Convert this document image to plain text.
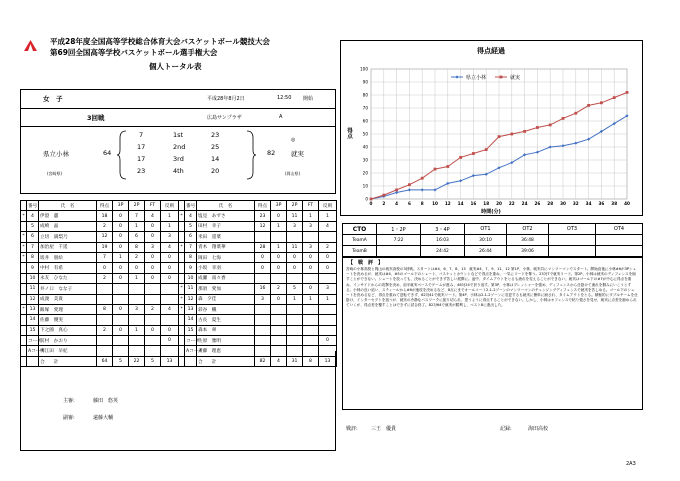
平成28年度全国高等学校総合体育大会バスケットボール競技大会
第69回全国高等学校バスケットボール選手権大会
個人トータル表
女　子	平成28年8月2日	12:50 開始
3回戦	広島サンプラザ	A
7	1st	23
17	2nd	25
17	3rd	14
23	4th	20
県立小林
(宮崎県)
64	82
◎
就実
(岡山県)
	番号	氏　名	得点	3P	2P	FT	反則
*	4	伊澄　蕙	18	0	7	4	1
	5	成崎　晶	2	0	1	0	1
*	6	立切　満梨乃	12	0	6	0	3
*	7	加治屋　千遥	19	0	8	3	4
*	8	坂井　朋絵	7	1	2	0	0
	9	中村　有希	0	0	0	0	0
	10	永友　ひなた	2	0	1	0	0
	11	井ノ口　なな子					
	12	成渡　美貴					
*	13	飯塚　愛理	8	0	3	2	4
	14	佐藤　優実					
	15	下之薗　真心	2	0	1	0	0
	コーチ	前村　かおり					0
	Aコーチ	梅江田　早紀					
		合　　計	64	5	22	5	13
	番号	氏　名	得点	3P	2P	FT	反則
*	4	塩見　あずさ	23	0	11	1	1
	5	田村　幸子	12	1	3	3	4
	6	米田　遥菜					
*	7	青木　翔菜華	28	1	11	3	2
	8	岡田　七海	0	0	0	0	0
	9	小坂　幸羽	0	0	0	0	0
	10	成瀬　南々香					
*	11	那須　愛加	16	2	5	0	3
*	12	森　夕佳	3	0	1	1	1
*	13	彩谷　楓					
	14	古長　夏生					
	15	森本　翠					
	コーチ	佐原　雅明					0
	Aコーチ	斎藤　理恵					
		合　　計	82	4	31	8	13
主審:	藤田　悠英
副審:	遠藤大輔
得点経過
0
10
20
30
40
50
60
70
80
90
100
0 2 4 6 8 10 12 14 16 18 20 22 24 26 28 30 32 34 36 38 40
県立小林	就実
時間(分)
得点
CTO	1・2P	3・4P	OT1	OT2	OT3	OT4
TeamA	7:22	16:03	30:10	36:48		
TeamB		24:42	26:44	39:06		
【　戦　評　】
宮崎の小林高校と岡山の就実高校の3回戦。スタートは#4、6、7、8、13　就実#4、7、9、11、12 第1P、小林、就実共にマンツーマンでスタート。開始直後に小林#6が3Pシュートを決めるが、就実は#4、#5のゴール下のシュート、バスケットカウントなどで得点を重ね、一気にリードを奪う。23対7で就実リード。第2P、小林は就実のディフェンスを崩すことができない。シュートを放っても、決めることができず苦しい展開に。途中、タイムアウトをとるも流れを変えることができない。就実はゴール下の#7が中心に得点を重ね、インサイドからの攻撃を決め、前半就実ペースでゲームが進み、48対24で折り返す。第3P、小林はプレッシャーを強め、ディフェンスから仕掛けて流れを掴みにいこうとする。小林の良い追い、スティールから#6が速攻を決めるなど、8点にまでオールコート2-1-2ゾーンのマンツーマンのチェンジングディフェンスで就実を苦しめる。ゴール下のシュートを決めるなど、得点を重ねて逆転できず、62対41で就実リード。第4P、小林は2-1-2ゾーンに変更するも就実に簡単に崩され、タイムアウトをとる。積極的にダブルチームを仕掛け、インターセプトを狙うが、就実の冷静なパスワークに振り切られ、思うように得点することができない。しかし、小林はオフェンスで粘り強さを見せ、就実に点差を縮められていくが、得点差を覆すことはできずに試合終了。82対64で就実が勝利し、ベスト8に進出した。
戦評:	三王　優貴	記録:	海田高校
2A3
